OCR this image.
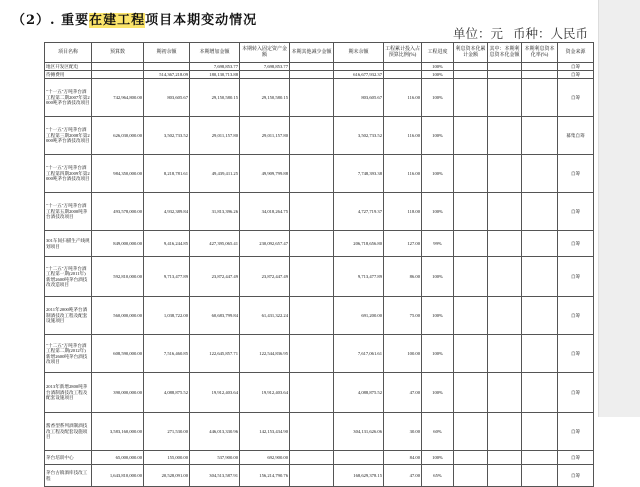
（2）. 重要在建工程项目本期变动情况
单位：元 币种：人民币
项目名称	预算数	期初余额	本期增加金额	本期转入固定资产金额	本期其他减少金额	期末余额	工程累计投入占预算比例(%)	工程进度	利息资本化累计金额	其中：本期利息资本化金额	本期利息资本化率(%)	资金来源
地区开发区配电			7,698,853.77	7,698,853.77				100%				自筹
待摊费用		514,367,218.09	180,130,713.88			616,677,932.37		100%				自筹
"十一五"万吨茅台酒工程第二期2007年第2000吨茅台酒技改项目	742,964,800.00	803,605.67	29,150,580.15	29,150,580.15		803,605.67	116.00	100%				自筹
"十一五"万吨茅台酒工程第三期2008年第2000吨茅台酒技改项目	626,030,000.00	3,502,733.52	29,011,157.80	29,011,157.80		3,502,733.52	116.00	100%				募集自筹
"十一五"万吨茅台酒工程第四期2009年第2000吨茅台酒技改项目	984,350,000.00	8,218,781.61	49,439,411.25	49,909,799.88		7,748,393.38	116.00	100%				自筹
"十一五"万吨茅台酒工程第五期2000吨茅台酒技改项目	493,578,000.00	4,932,389.84	31,813,396.26	34,018,264.75		4,727,719.37	118.00	100%				自筹
301车间扫描生产线规划项目	849,000,000.00	9,416,244.85	427,395,065.41	230,092,657.47		206,718,656.80	127.00	99%				自筹
"十二五"万吨茅台酒工程第一期(2011年)新增2600吨茅台酒技改改造项目	592,810,000.00	9,713,477.89	23,872,447.49	23,872,447.49		9,713,477.89	86.00	100%				自筹
2011年2000吨茅台酒制酒技改工程及配套设施项目	560,000,000.00	1,038,722.00	60,683,799.84	61,431,322.24		691,200.00	75.00	100%				自筹
"十二五"万吨茅台酒工程第二期(2012年)新增2600吨茅台酒技改项目	608,590,000.00	7,516,460.85	122,645,857.71	122,544,836.95		7,617,061.61	100.00	100%				自筹
2013年新增2800吨茅台酒制酒技改工程及配套设施项目	390,000,000.00	4,088,875.52	19,912,403.64	19,912,403.64		4,088,875.52	47.00	100%				自筹
酱香型系列酒制酒技改工程及配套设施项目	3,583,160,000.00	271,530.00	446,013,330.96	142,153,434.90		304,131,626.06	30.00	60%				自筹
茅台培训中心	65,000,000.00	155,000.00	537,900.00	692,900.00			84.00	100%				自筹
茅台古镇酒库技改工程	1,643,810,000.00	20,528,091.00	304,513,587.91	156,214,790.76		168,629,378.15	47.00	65%				自筹
